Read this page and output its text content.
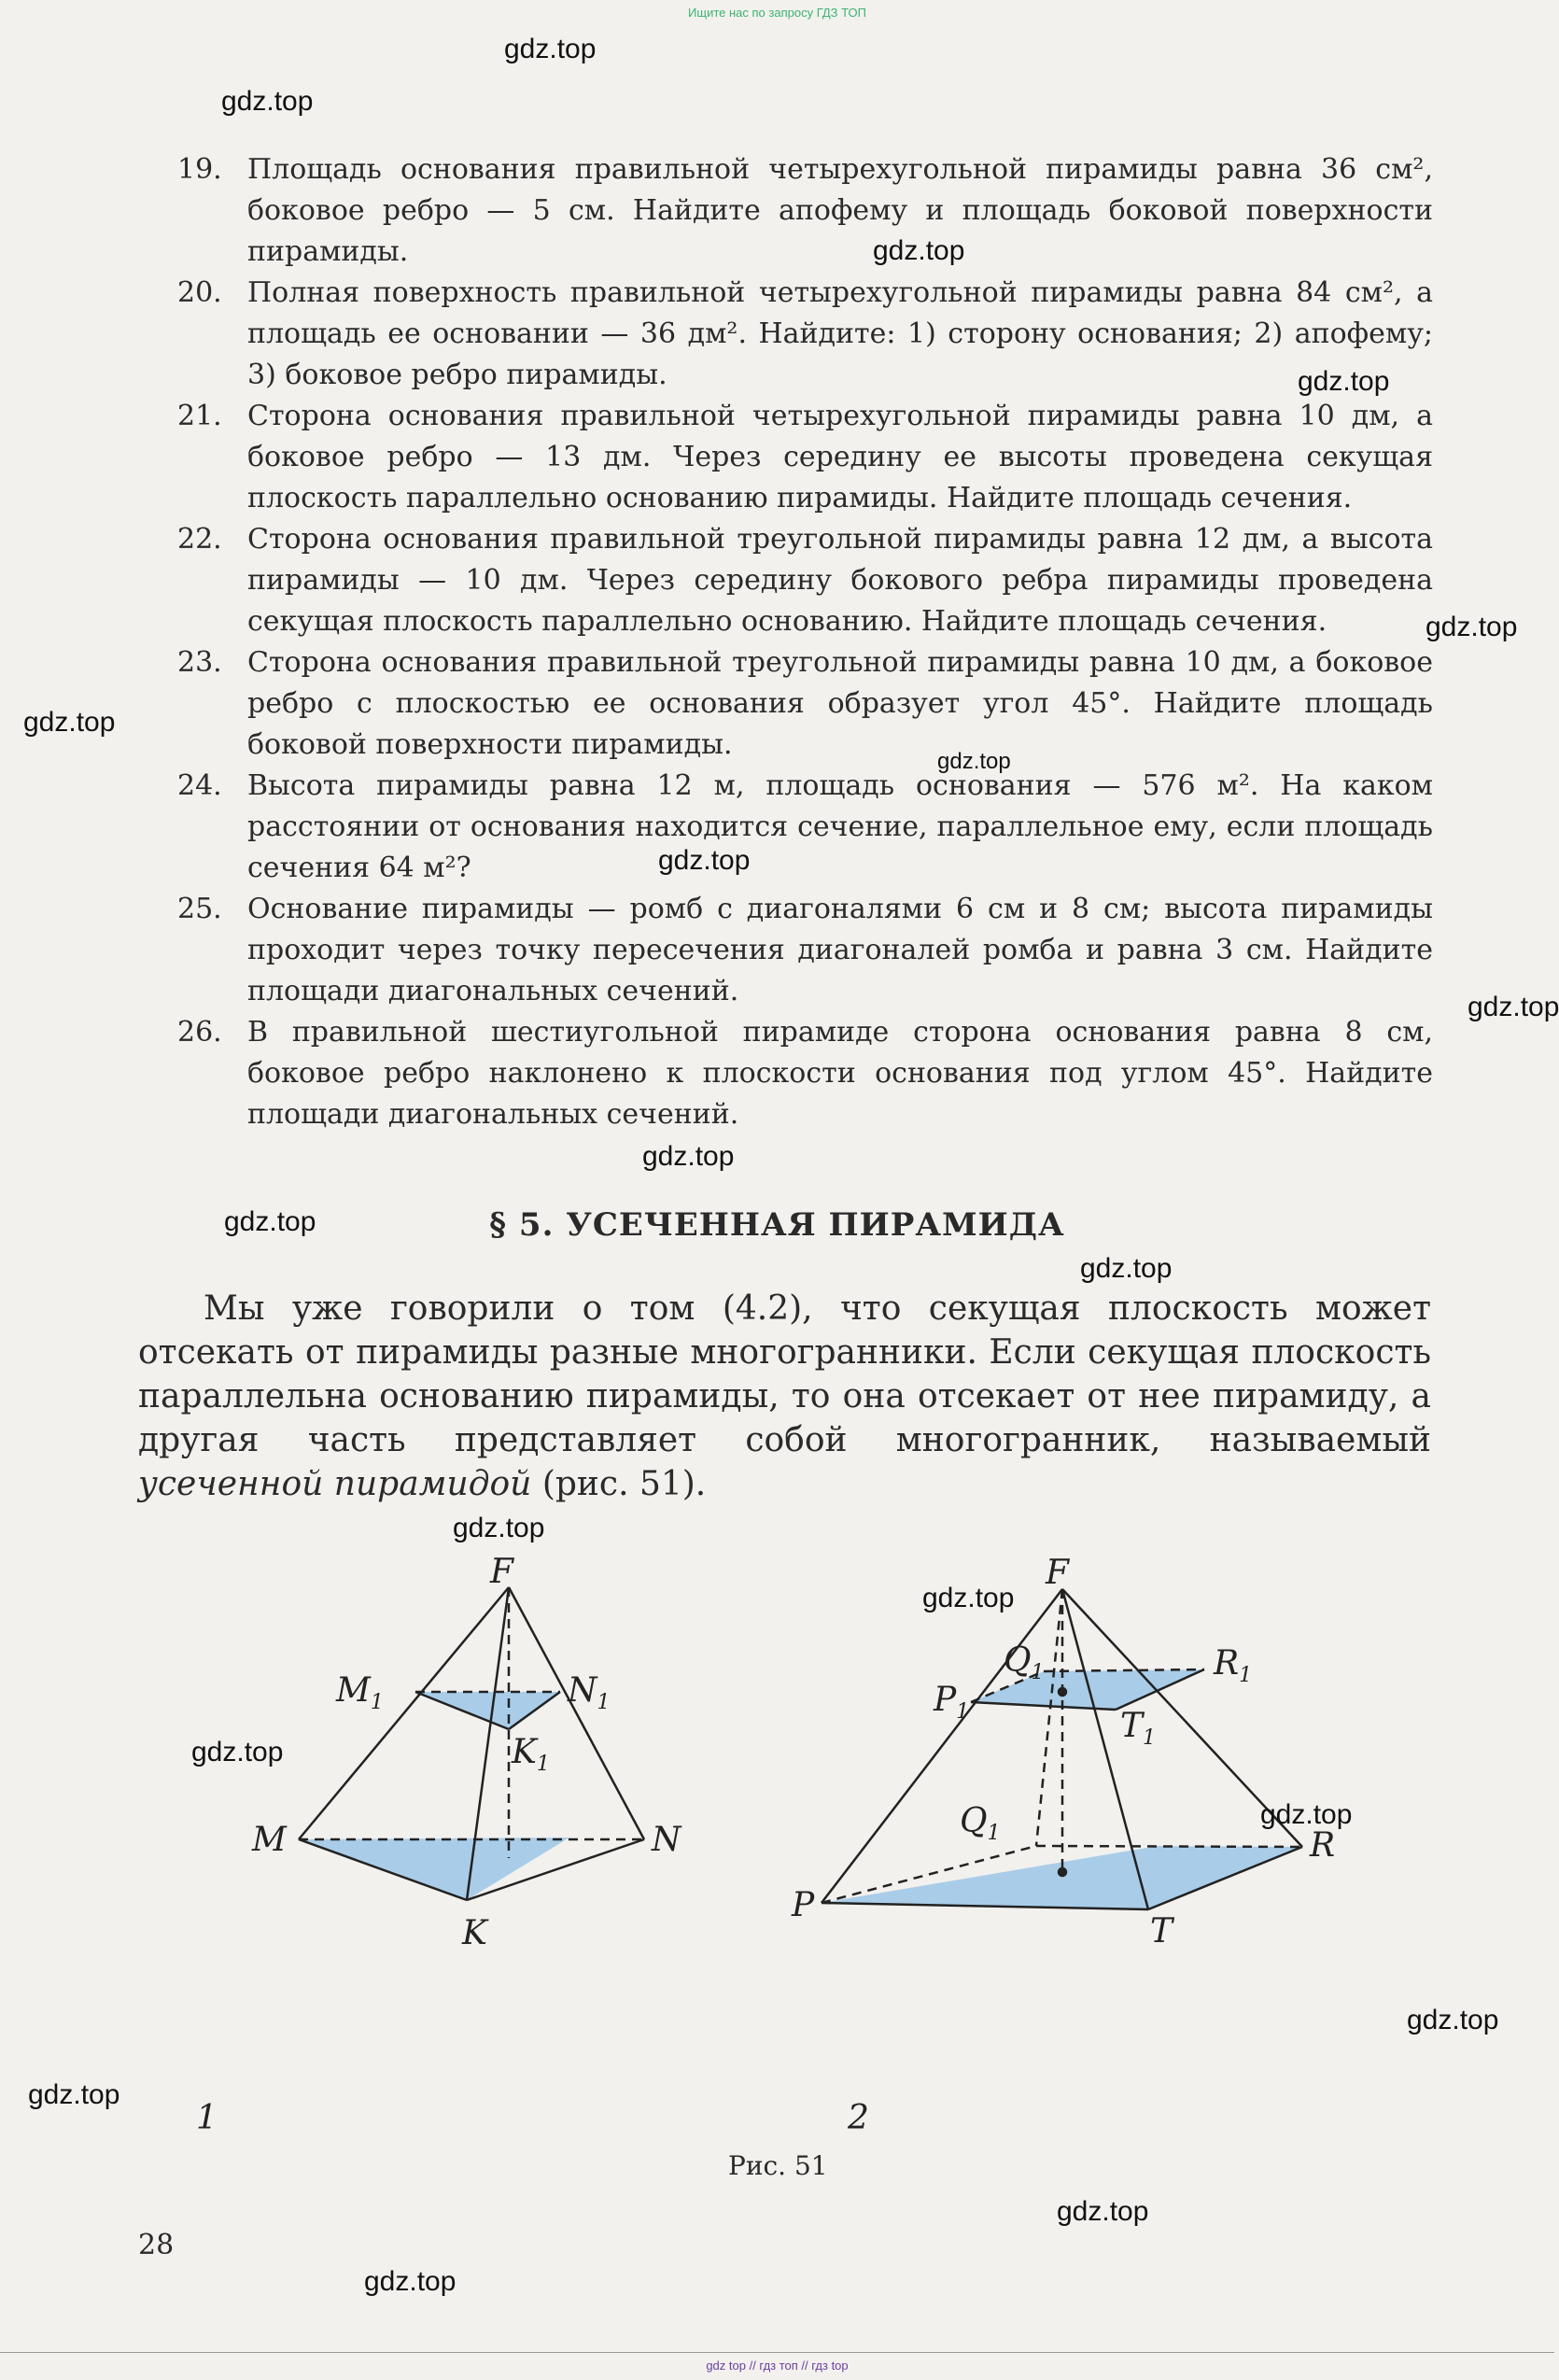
Ищите нас по запросу ГДЗ ТОП
19. Площадь основания правильной четырехугольной пирамиды равна 36 см², боковое ребро — 5 см. Найдите апофему и площадь боковой поверхности пирамиды.
20. Полная поверхность правильной четырехугольной пирамиды равна 84 см², а площадь ее основании — 36 дм². Найдите: 1) сторону основания; 2) апофему; 3) боковое ребро пирамиды.
21. Сторона основания правильной четырехугольной пирамиды равна 10 дм, а боковое ребро — 13 дм. Через середину ее высоты проведена секущая плоскость параллельно основанию пирамиды. Найдите площадь сечения.
22. Сторона основания правильной треугольной пирамиды равна 12 дм, а высота пирамиды — 10 дм. Через середину бокового ребра пирамиды проведена секущая плоскость параллельно основанию. Найдите площадь сечения.
23. Сторона основания правильной треугольной пирамиды равна 10 дм, а боковое ребро с плоскостью ее основания образует угол 45°. Найдите площадь боковой поверхности пирамиды.
24. Высота пирамиды равна 12 м, площадь основания — 576 м². На каком расстоянии от основания находится сечение, параллельное ему, если площадь сечения 64 м²?
25. Основание пирамиды — ромб с диагоналями 6 см и 8 см; высота пирамиды проходит через точку пересечения диагоналей ромба и равна 3 см. Найдите площади диагональных сечений.
26. В правильной шестиугольной пирамиде сторона основания равна 8 см, боковое ребро наклонено к плоскости основания под углом 45°. Найдите площади диагональных сечений.
§ 5. УСЕЧЕННАЯ ПИРАМИДА
Мы уже говорили о том (4.2), что секущая плоскость может отсекать от пирамиды разные многогранники. Если секущая плоскость параллельна основанию пирамиды, то она отсекает от нее пирамиду, а другая часть представляет собой многогранник, называемый усеченной пирамидой (рис. 51).
F
$M_1$	$N_1$
$K_1$
M	N
K
1
F
$Q_1$	$R_1$
$P_1$	$T_1$
$Q_1$	R
P
T
2
Рис. 51
28
gdz.top
gdz.top
gdz.top
gdz.top
gdz.top
gdz.top
gdz.top
gdz.top
gdz.top
gdz.top
gdz.top
gdz.top
gdz.top
gdz.top
gdz.top
gdz.top
gdz.top
gdz.top
gdz.top
gdz.top
gdz top // гдз топ // гдз top
